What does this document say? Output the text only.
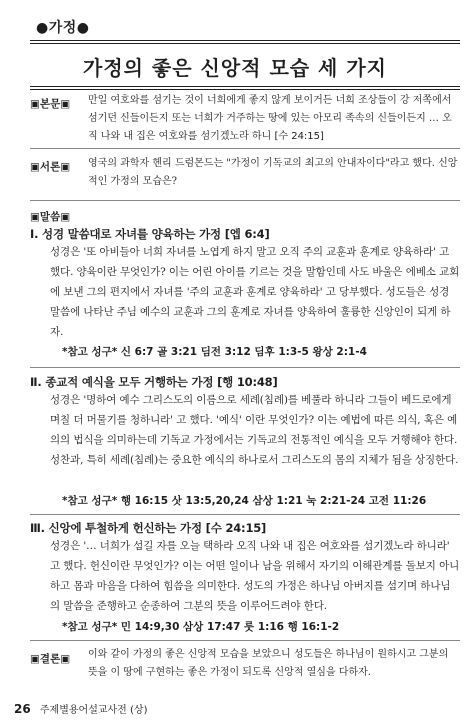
●가정●
가정의 좋은 신앙적 모습 세 가지
▣본문▣ 만일 여호와를 섬기는 것이 너희에게 좋지 않게 보이거든 너희 조상들이 강 저쪽에서 섬기던 신들이든지 또는 너희가 거주하는 땅에 있는 아모리 족속의 신들이든지 … 오직 나와 내 집은 여호와를 섬기겠노라 하니 [수 24:15]
▣서론▣ 영국의 과학자 헨리 드럼몬드는 "가정이 기독교의 최고의 안내자이다"라고 했다. 신앙적인 가정의 모습은?
▣말씀▣
Ⅰ. 성경 말씀대로 자녀를 양육하는 가정 [엡 6:4]
성경은 '또 아비들아 너희 자녀를 노엽게 하지 말고 오직 주의 교훈과 훈계로 양육하라' 고 했다. 양육이란 무엇인가? 이는 어린 아이를 기르는 것을 말함인데 사도 바울은 에베소 교회에 보낸 그의 편지에서 자녀를 '주의 교훈과 훈계로 양육하라' 고 당부했다. 성도들은 성경 말씀에 나타난 주님 예수의 교훈과 그의 훈계로 자녀를 양육하여 훌륭한 신앙인이 되게 하자.
*참고 성구* 신 6:7 골 3:21 딤전 3:12 딤후 1:3-5 왕상 2:1-4
Ⅱ. 종교적 예식을 모두 거행하는 가정 [행 10:48]
성경은 '명하여 예수 그리스도의 이름으로 세례(침례)를 베풀라 하니라 그들이 베드로에게 며칠 더 머물기를 청하니라' 고 했다. '예식' 이란 무엇인가? 이는 예법에 따른 의식, 혹은 예의의 법식을 의미하는데 기독교 가정에서는 기독교의 전통적인 예식을 모두 거행해야 한다. 성찬과, 특히 세례(침례)는 중요한 예식의 하나로서 그리스도의 몸의 지체가 됨을 상징한다.
*참고 성구* 행 16:15 삿 13:5,20,24 삼상 1:21 눅 2:21-24 고전 11:26
Ⅲ. 신앙에 투철하게 헌신하는 가정 [수 24:15]
성경은 '… 너희가 섬길 자를 오늘 택하라 오직 나와 내 집은 여호와를 섬기겠노라 하니라' 고 했다. 헌신이란 무엇인가? 이는 어떤 일이나 남을 위해서 자기의 이해관계를 돌보지 아니하고 몸과 마음을 다하여 힘씀을 의미한다. 성도의 가정은 하나님 아버지를 섬기며 하나님의 말씀을 준행하고 순종하여 그분의 뜻을 이루어드려야 한다.
*참고 성구* 민 14:9,30 삼상 17:47 룻 1:16 행 16:1-2
▣결론▣ 이와 같이 가정의 좋은 신앙적 모습을 보았으니 성도들은 하나님이 원하시고 그분의 뜻을 이 땅에 구현하는 좋은 가정이 되도록 신앙적 열심을 다하자.
26 주제별용어설교사전 (상)
